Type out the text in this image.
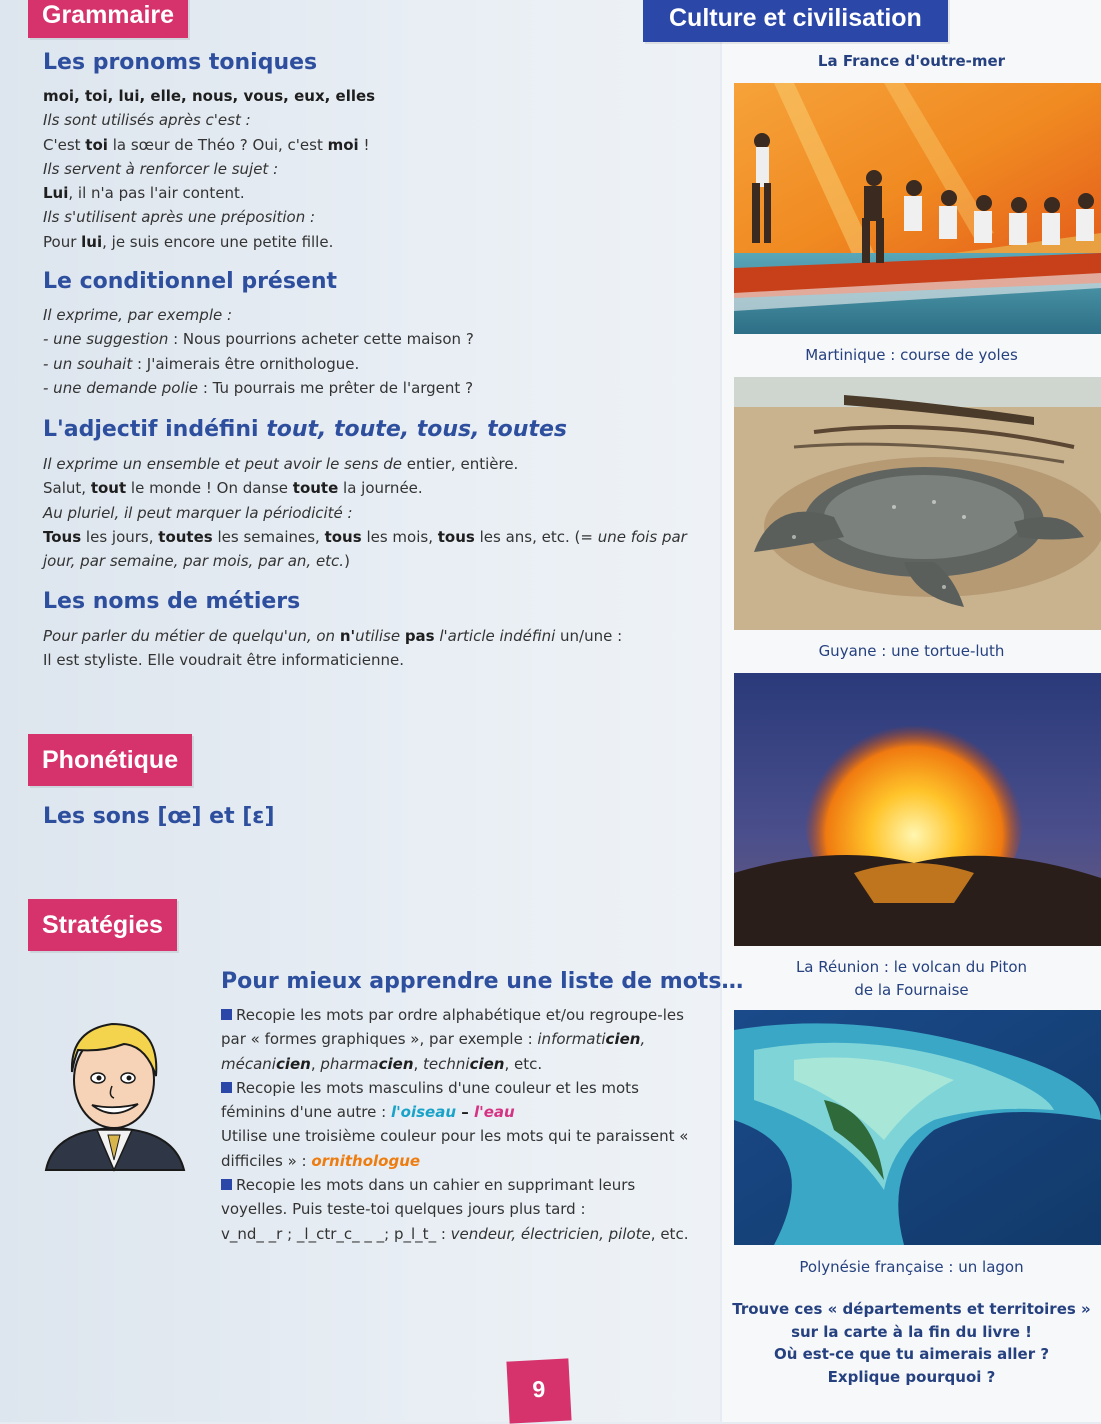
Grammaire
Les pronoms toniques
moi, toi, lui, elle, nous, vous, eux, elles
Ils sont utilisés après c'est :
C'est toi la sœur de Théo ? Oui, c'est moi !
Ils servent à renforcer le sujet :
Lui, il n'a pas l'air content.
Ils s'utilisent après une préposition :
Pour lui, je suis encore une petite fille.
Le conditionnel présent
Il exprime, par exemple :
- une suggestion : Nous pourrions acheter cette maison ?
- un souhait : J'aimerais être ornithologue.
- une demande polie : Tu pourrais me prêter de l'argent ?
L'adjectif indéfini tout, toute, tous, toutes
Il exprime un ensemble et peut avoir le sens de entier, entière.
Salut, tout le monde ! On danse toute la journée.
Au pluriel, il peut marquer la périodicité :
Tous les jours, toutes les semaines, tous les mois, tous les ans, etc. (= une fois par jour, par semaine, par mois, par an, etc.)
Les noms de métiers
Pour parler du métier de quelqu'un, on n'utilise pas l'article indéfini un/une :
Il est styliste. Elle voudrait être informaticienne.
Phonétique
Les sons [œ] et [ɛ]
Stratégies
Pour mieux apprendre une liste de mots…
Recopie les mots par ordre alphabétique et/ou regroupe-les par « formes graphiques », par exemple : informaticien, mécanicien, pharmacien, technicien, etc.
Recopie les mots masculins d'une couleur et les mots féminins d'une autre : l'oiseau – l'eau
Utilise une troisième couleur pour les mots qui te paraissent « difficiles » : ornithologue
Recopie les mots dans un cahier en supprimant leurs voyelles. Puis teste-toi quelques jours plus tard :
v_nd_ _r ; _l_ctr_c_ _ _; p_l_t_ : vendeur, électricien, pilote, etc.
9
Culture et civilisation
La France d'outre-mer
Martinique : course de yoles
Guyane : une tortue-luth
La Réunion : le volcan du Piton
de la Fournaise
Polynésie française : un lagon
Trouve ces « départements et territoires »
sur la carte à la fin du livre !
Où est-ce que tu aimerais aller ?
Explique pourquoi ?
